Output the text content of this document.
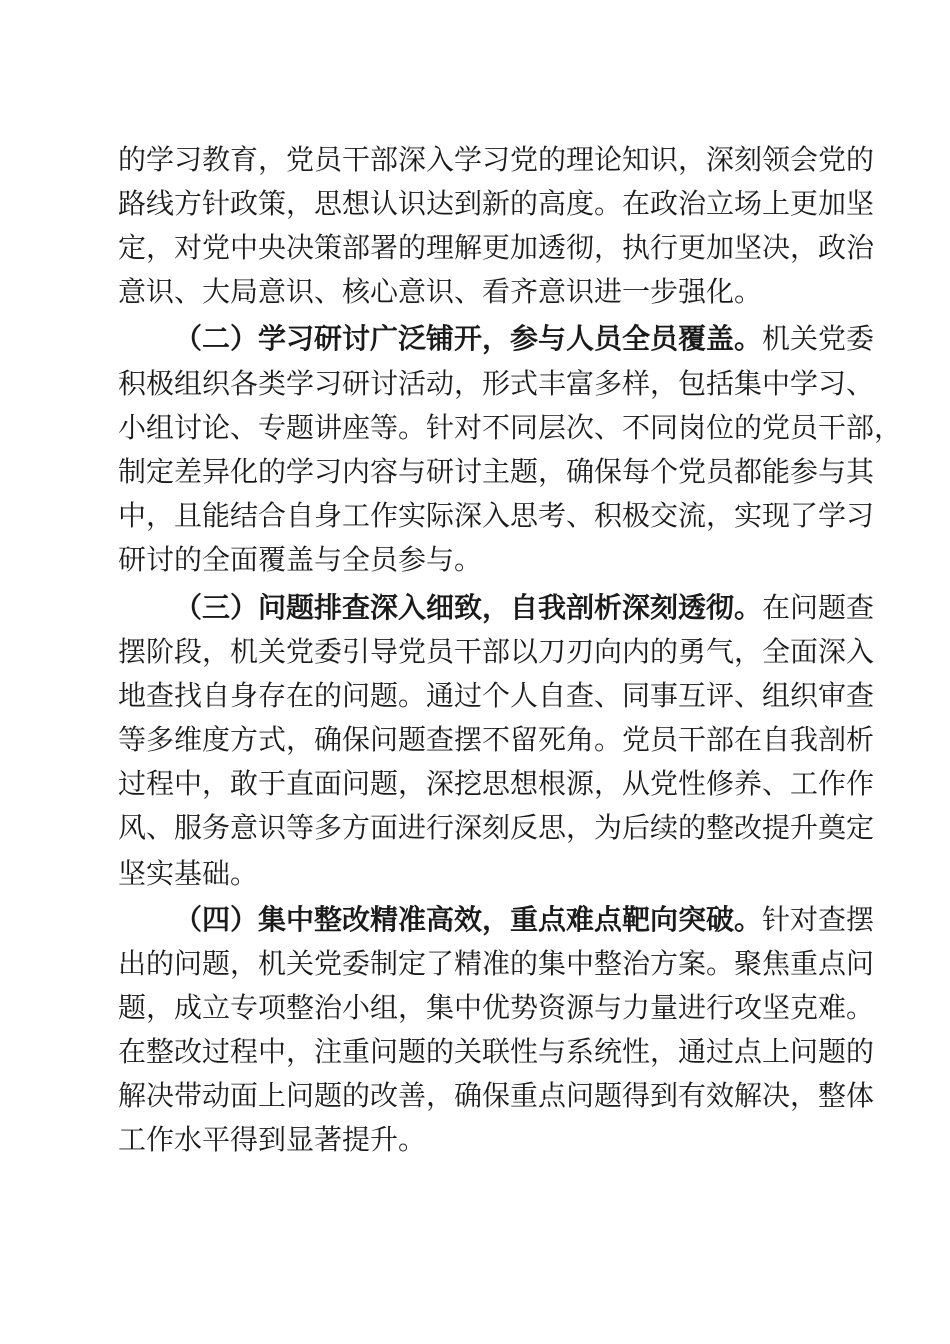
的学习教育，党员干部深入学习党的理论知识，深刻领会党的
路线方针政策，思想认识达到新的高度。在政治立场上更加坚
定，对党中央决策部署的理解更加透彻，执行更加坚决，政治
意识、大局意识、核心意识、看齐意识进一步强化。
（二）学习研讨广泛铺开，参与人员全员覆盖。机关党委
积极组织各类学习研讨活动，形式丰富多样，包括集中学习、
小组讨论、专题讲座等。针对不同层次、不同岗位的党员干部，
制定差异化的学习内容与研讨主题，确保每个党员都能参与其
中，且能结合自身工作实际深入思考、积极交流，实现了学习
研讨的全面覆盖与全员参与。
（三）问题排查深入细致，自我剖析深刻透彻。在问题查
摆阶段，机关党委引导党员干部以刀刃向内的勇气，全面深入
地查找自身存在的问题。通过个人自查、同事互评、组织审查
等多维度方式，确保问题查摆不留死角。党员干部在自我剖析
过程中，敢于直面问题，深挖思想根源，从党性修养、工作作
风、服务意识等多方面进行深刻反思，为后续的整改提升奠定
坚实基础。
（四）集中整改精准高效，重点难点靶向突破。针对查摆
出的问题，机关党委制定了精准的集中整治方案。聚焦重点问
题，成立专项整治小组，集中优势资源与力量进行攻坚克难。
在整改过程中，注重问题的关联性与系统性，通过点上问题的
解决带动面上问题的改善，确保重点问题得到有效解决，整体
工作水平得到显著提升。
